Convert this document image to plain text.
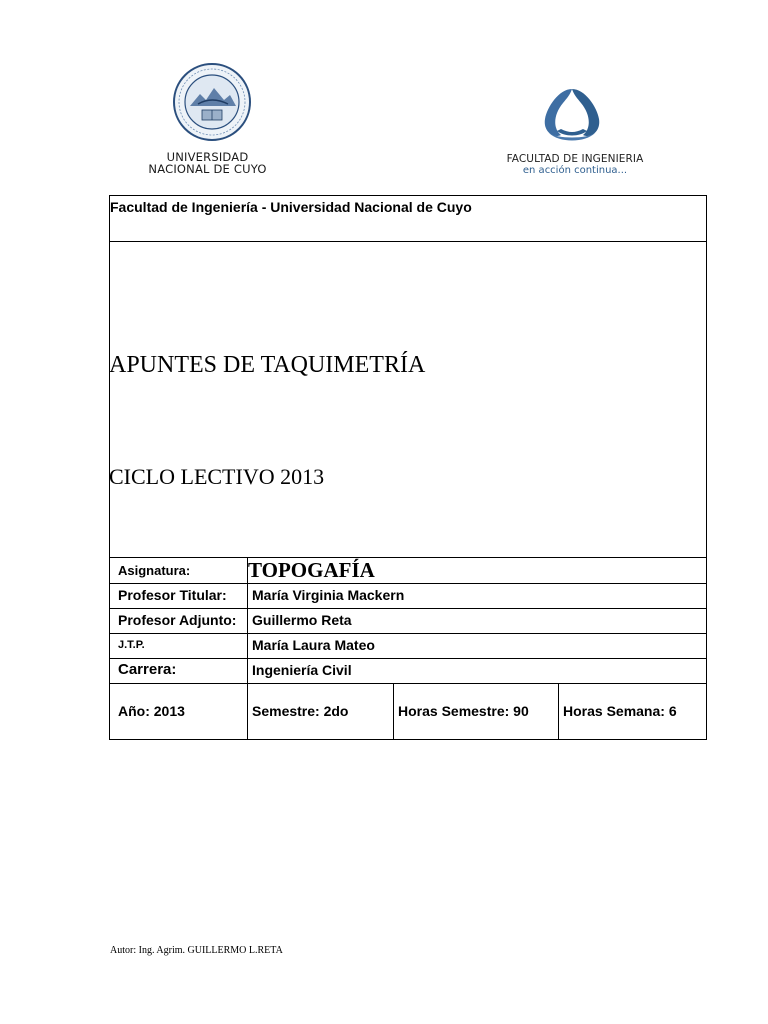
UNIVERSIDAD
NACIONAL DE CUYO
FACULTAD DE INGENIERIA
en acción continua...
Facultad de Ingeniería - Universidad Nacional de Cuyo
APUNTES DE TAQUIMETRÍA
CICLO LECTIVO 2013
Asignatura:	TOPOGAFÍA
Profesor Titular: María Virginia Mackern
Profesor Adjunto: Guillermo Reta
J.T.P.	María Laura Mateo
Carrera:	Ingeniería Civil
Año: 2013	Semestre: 2do	Horas Semestre: 90 Horas Semana: 6
Autor: Ing. Agrim. GUILLERMO L.RETA
